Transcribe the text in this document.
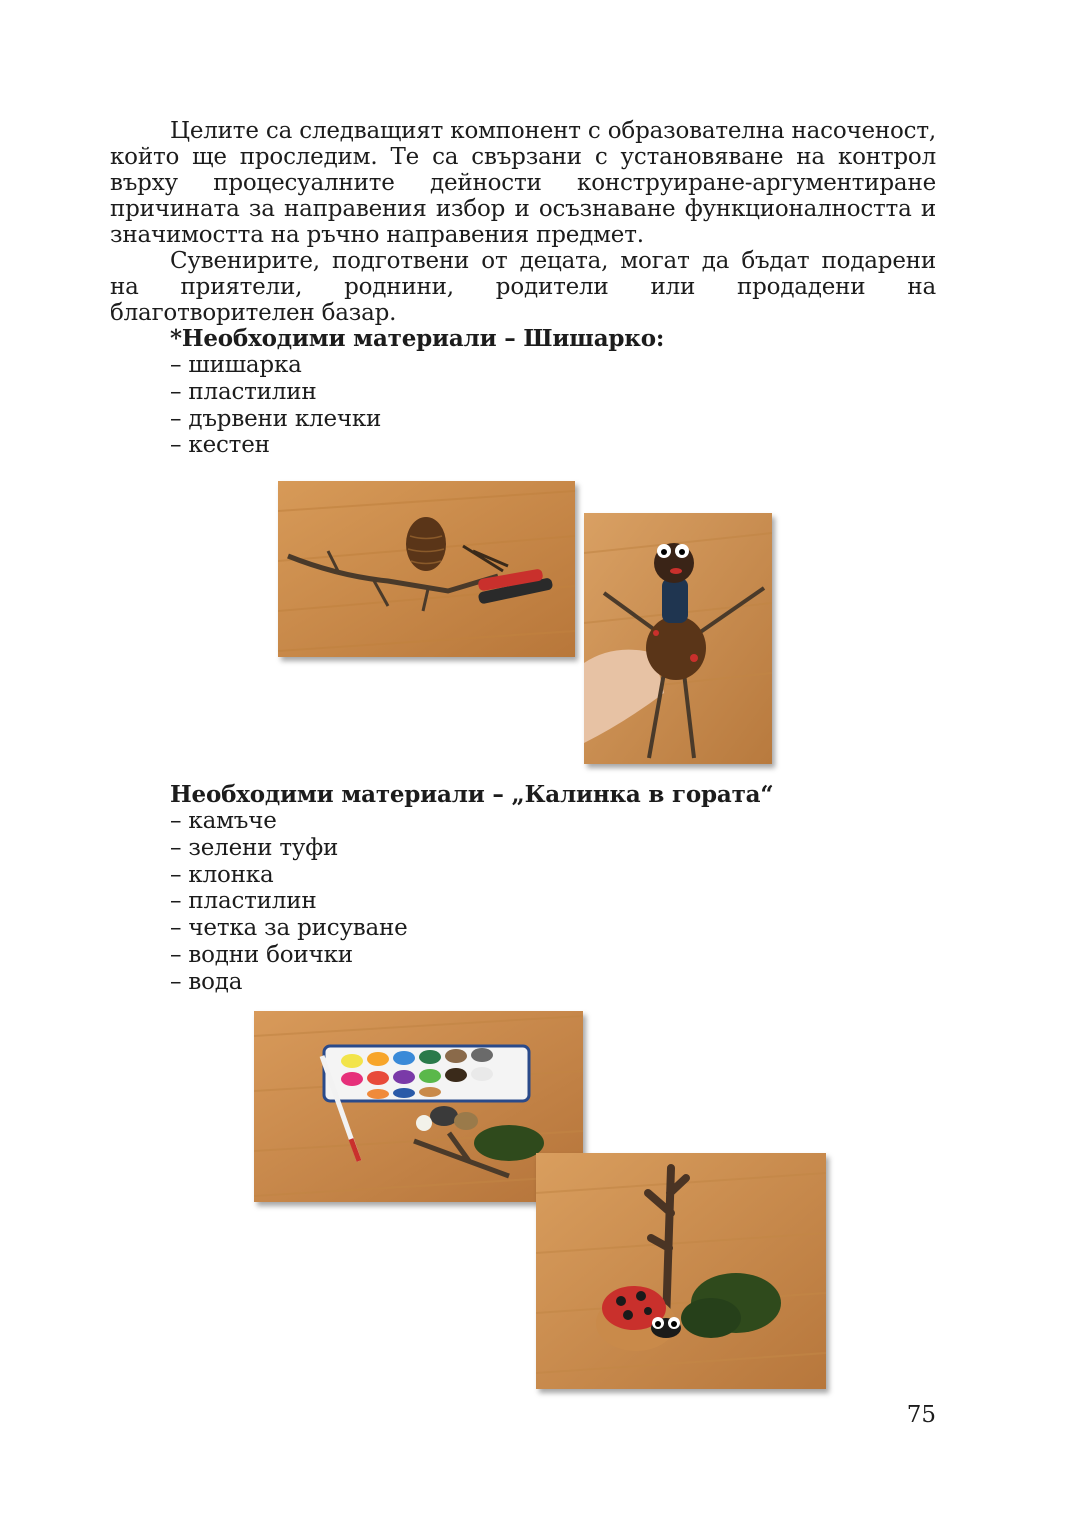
Целите са следващият компонент с образователна насоченост, който ще проследим. Те са свързани с установяване на контрол върху процесуалните дейности конструиране-аргументиране причината за направения избор и осъзнаване функционалността и значимостта на ръчно направения предмет.

Сувенирите, подготвени от децата, могат да бъдат подарени на приятели, роднини, родители или продадени на благотворителен базар.

*Необходими материали – Шишарко:

– шишарка
– пластилин
– дървени клечки
– кестен

Необходими материали – „Калинка в гората“

– камъче
– зелени туфи
– клонка
– пластилин
– четка за рисуване
– водни боички
– вода
75
